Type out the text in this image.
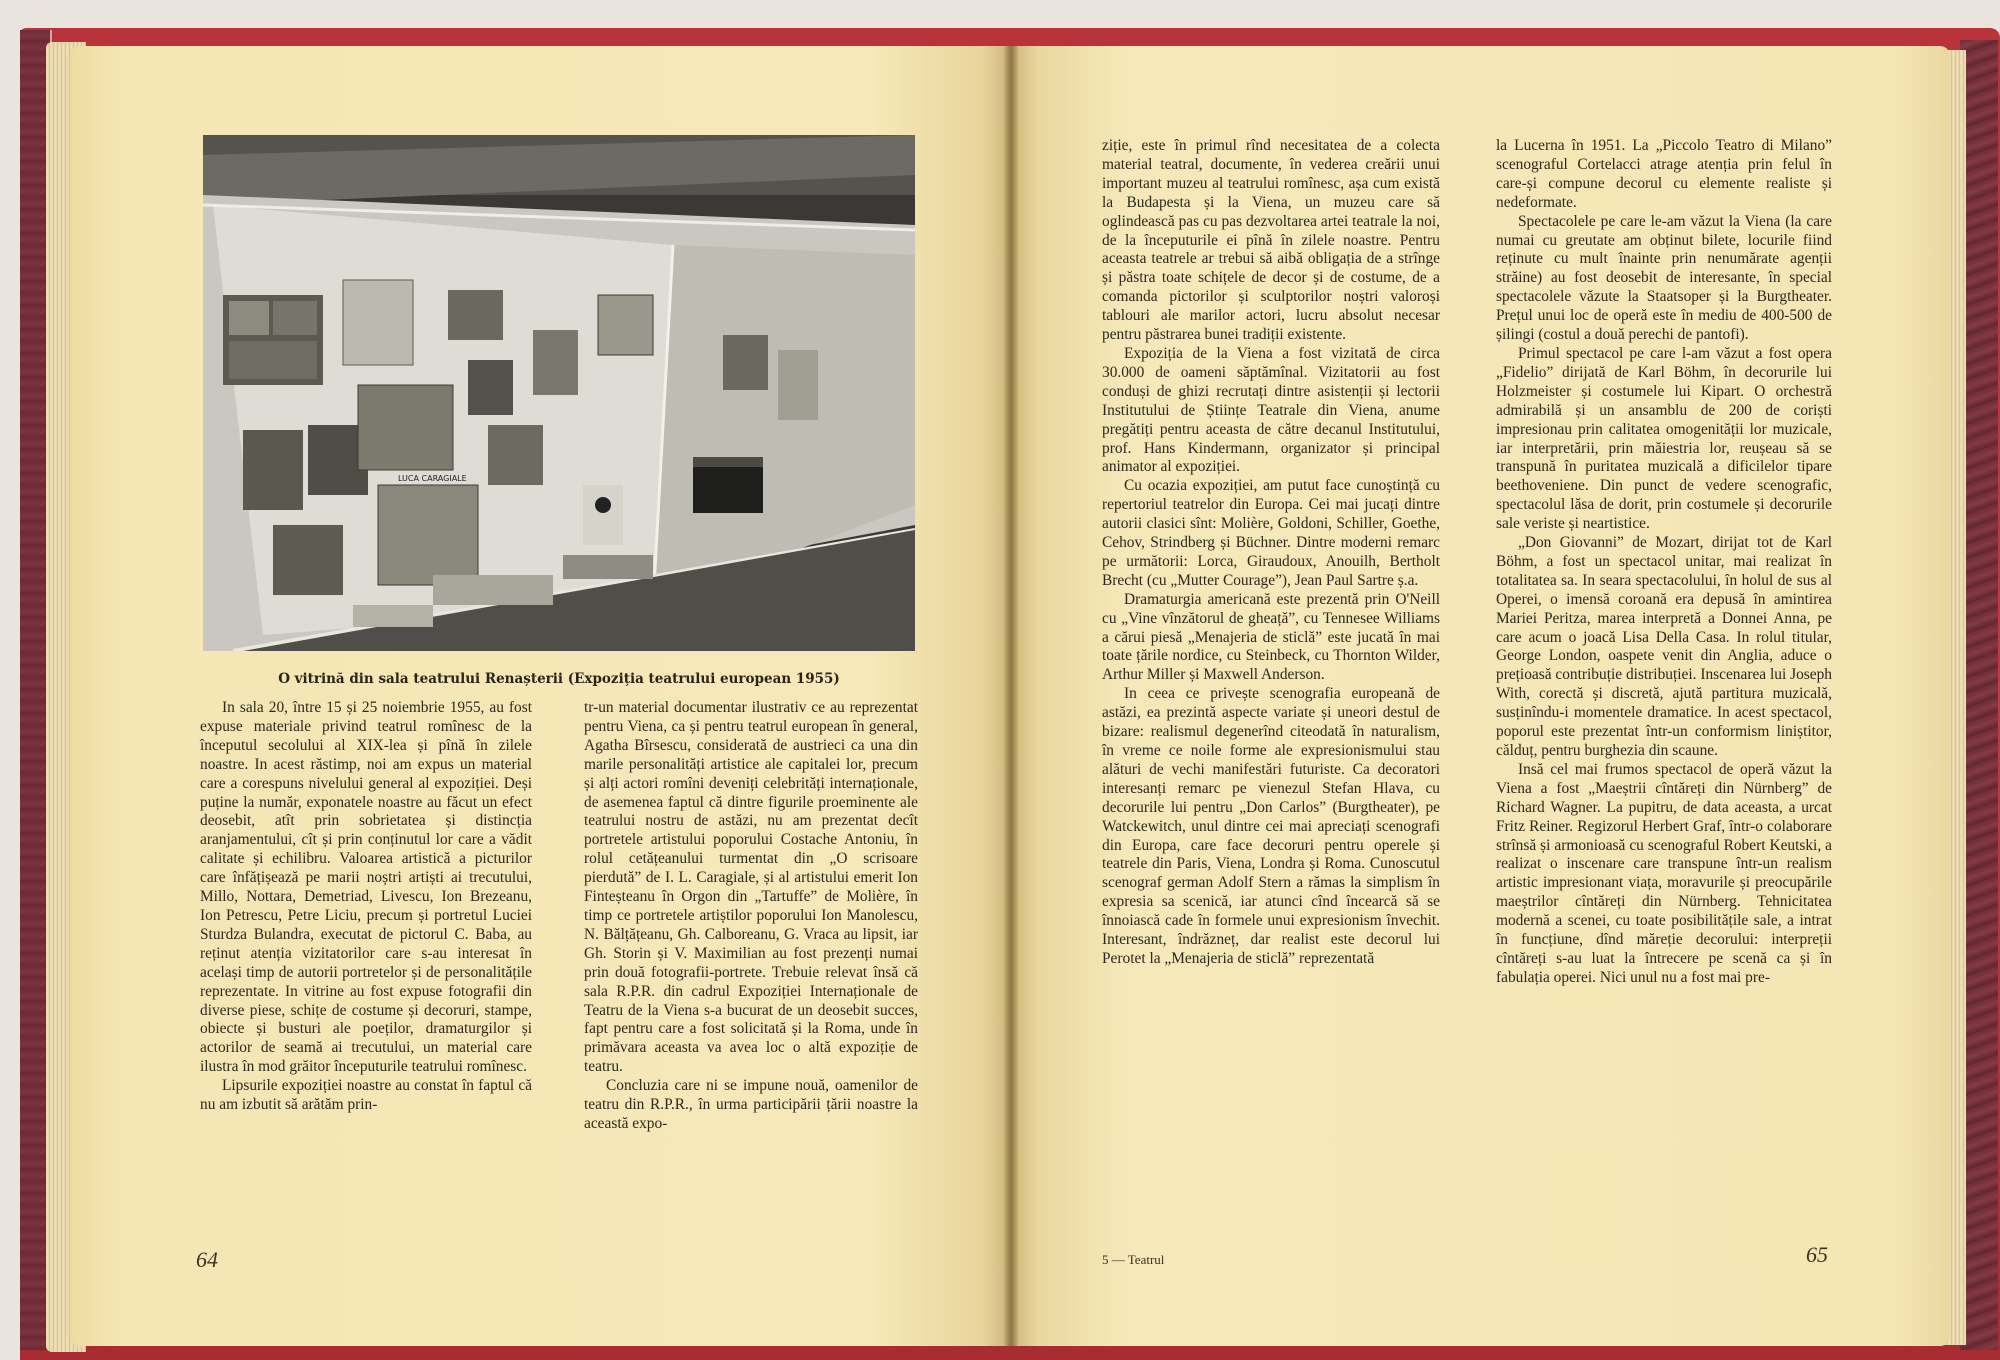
LUCA CARAGIALE
O vitrină din sala teatrului Renașterii (Expoziția teatrului european 1955)

In sala 20, între 15 și 25 noiembrie 1955, au fost expuse materiale privind teatrul romînesc de la începutul secolului al XIX-lea și pînă în zilele noastre. In acest răstimp, noi am expus un material care a corespuns nivelului general al expoziției. Deși puține la număr, exponatele noastre au făcut un efect deosebit, atît prin sobrietatea și distincția aranjamentului, cît și prin conținutul lor care a vădit calitate și echilibru. Valoarea artistică a picturilor care înfățișează pe marii noștri artiști ai trecutului, Millo, Nottara, Demetriad, Livescu, Ion Brezeanu, Ion Petrescu, Petre Liciu, precum și portretul Luciei Sturdza Bulandra, executat de pictorul C. Baba, au reținut atenția vizitatorilor care s-au interesat în același timp de autorii portretelor și de personalitățile reprezentate. In vitrine au fost expuse fotografii din diverse piese, schițe de costume și decoruri, stampe, obiecte și busturi ale poeților, dramaturgilor și actorilor de seamă ai trecutului, un material care ilustra în mod grăitor începuturile teatrului romînesc.

Lipsurile expoziției noastre au constat în faptul că nu am izbutit să arătăm prin-

tr-un material documentar ilustrativ ce au reprezentat pentru Viena, ca și pentru teatrul european în general, Agatha Bîrsescu, considerată de austrieci ca una din marile personalități artistice ale capitalei lor, precum și alți actori romîni deveniți celebrități internaționale, de asemenea faptul că dintre figurile proeminente ale teatrului nostru de astăzi, nu am prezentat decît portretele artistului poporului Costache Antoniu, în rolul cetățeanului turmentat din „O scrisoare pierdută” de I. L. Caragiale, și al artistului emerit Ion Finteșteanu în Orgon din „Tartuffe” de Molière, în timp ce portretele artiștilor poporului Ion Manolescu, N. Bălțățeanu, Gh. Calboreanu, G. Vraca au lipsit, iar Gh. Storin și V. Maximilian au fost prezenți numai prin două fotografii-portrete. Trebuie relevat însă că sala R.P.R. din cadrul Expoziției Internaționale de Teatru de la Viena s-a bucurat de un deosebit succes, fapt pentru care a fost solicitată și la Roma, unde în primăvara aceasta va avea loc o altă expoziție de teatru.

Concluzia care ni se impune nouă, oamenilor de teatru din R.P.R., în urma participării țării noastre la această expo-

64

ziție, este în primul rînd necesitatea de a colecta material teatral, documente, în vederea creării unui important muzeu al teatrului romînesc, așa cum există la Budapesta și la Viena, un muzeu care să oglindească pas cu pas dezvoltarea artei teatrale la noi, de la începuturile ei pînă în zilele noastre. Pentru aceasta teatrele ar trebui să aibă obligația de a strînge și păstra toate schițele de decor și de costume, de a comanda pictorilor și sculptorilor noștri valoroși tablouri ale marilor actori, lucru absolut necesar pentru păstrarea bunei tradiții existente.

Expoziția de la Viena a fost vizitată de circa 30.000 de oameni săptămînal. Vizitatorii au fost conduși de ghizi recrutați dintre asistenții și lectorii Institutului de Științe Teatrale din Viena, anume pregătiți pentru aceasta de către decanul Institutului, prof. Hans Kindermann, organizator și principal animator al expoziției.

Cu ocazia expoziției, am putut face cunoștință cu repertoriul teatrelor din Europa. Cei mai jucați dintre autorii clasici sînt: Molière, Goldoni, Schiller, Goethe, Cehov, Strindberg și Büchner. Dintre moderni remarc pe următorii: Lorca, Giraudoux, Anouilh, Bertholt Brecht (cu „Mutter Courage”), Jean Paul Sartre ș.a.

Dramaturgia americană este prezentă prin O'Neill cu „Vine vînzătorul de gheață”, cu Tennesee Williams a cărui piesă „Menajeria de sticlă” este jucată în mai toate țările nordice, cu Steinbeck, cu Thornton Wilder, Arthur Miller și Maxwell Anderson.

In ceea ce privește scenografia europeană de astăzi, ea prezintă aspecte variate și uneori destul de bizare: realismul degenerînd citeodată în naturalism, în vreme ce noile forme ale expresionismului stau alături de vechi manifestări futuriste. Ca decoratori interesanți remarc pe vienezul Stefan Hlava, cu decorurile lui pentru „Don Carlos” (Burgtheater), pe Watckewitch, unul dintre cei mai apreciați scenografi din Europa, care face decoruri pentru operele și teatrele din Paris, Viena, Londra și Roma. Cunoscutul scenograf german Adolf Stern a rămas la simplism în expresia sa scenică, iar atunci cînd încearcă să se înnoiască cade în formele unui expresionism învechit. Interesant, îndrăzneț, dar realist este decorul lui Perotet la „Menajeria de sticlă” reprezentată

la Lucerna în 1951. La „Piccolo Teatro di Milano” scenograful Cortelacci atrage atenția prin felul în care-și compune decorul cu elemente realiste și nedeformate.

Spectacolele pe care le-am văzut la Viena (la care numai cu greutate am obținut bilete, locurile fiind reținute cu mult înainte prin nenumărate agenții străine) au fost deosebit de interesante, în special spectacolele văzute la Staatsoper și la Burgtheater. Prețul unui loc de operă este în mediu de 400-500 de șilingi (costul a două perechi de pantofi).

Primul spectacol pe care l-am văzut a fost opera „Fidelio” dirijată de Karl Böhm, în decorurile lui Holzmeister și costumele lui Kipart. O orchestră admirabilă și un ansamblu de 200 de coriști impresionau prin calitatea omogenității lor muzicale, iar interpretării, prin măiestria lor, reușeau să se transpună în puritatea muzicală a dificilelor tipare beethoveniene. Din punct de vedere scenografic, spectacolul lăsa de dorit, prin costumele și decorurile sale veriste și neartistice.

„Don Giovanni” de Mozart, dirijat tot de Karl Böhm, a fost un spectacol unitar, mai realizat în totalitatea sa. In seara spectacolului, în holul de sus al Operei, o imensă coroană era depusă în amintirea Mariei Peritza, marea interpretă a Donnei Anna, pe care acum o joacă Lisa Della Casa. In rolul titular, George London, oaspete venit din Anglia, aduce o prețioasă contribuție distribuției. Inscenarea lui Joseph With, corectă și discretă, ajută partitura muzicală, susținîndu-i momentele dramatice. In acest spectacol, poporul este prezentat într-un conformism liniștitor, călduț, pentru burghezia din scaune.

Insă cel mai frumos spectacol de operă văzut la Viena a fost „Maeștrii cîntăreți din Nürnberg” de Richard Wagner. La pupitru, de data aceasta, a urcat Fritz Reiner. Regizorul Herbert Graf, într-o colaborare strînsă și armonioasă cu scenograful Robert Keutski, a realizat o inscenare care transpune într-un realism artistic impresionant viața, moravurile și preocupările maeștrilor cîntăreți din Nürnberg. Tehnicitatea modernă a scenei, cu toate posibilitățile sale, a intrat în funcțiune, dînd măreție decorului: interpreții cîntăreți s-au luat la întrecere pe scenă ca și în fabulația operei. Nici unul nu a fost mai pre-

5 — Teatrul	65
